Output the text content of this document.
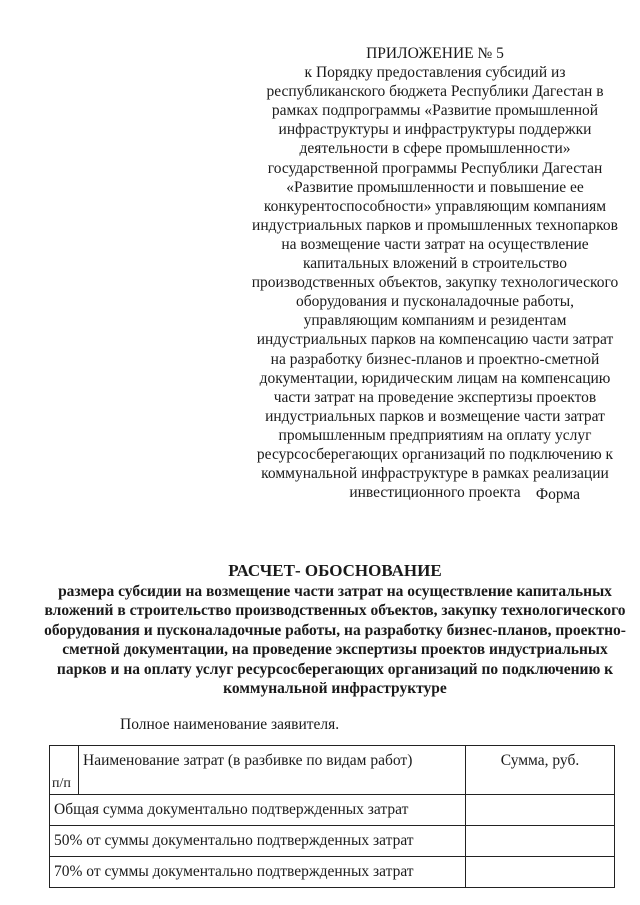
ПРИЛОЖЕНИЕ № 5
к Порядку предоставления субсидий из республиканского бюджета Республики Дагестан в рамках подпрограммы «Развитие промышленной инфраструктуры и инфраструктуры поддержки деятельности в сфере промышленности» государственной программы Республики Дагестан «Развитие промышленности и повышение ее конкурентоспособности» управляющим компаниям индустриальных парков и промышленных технопарков на возмещение части затрат на осуществление капитальных вложений в строительство производственных объектов, закупку технологического оборудования и пусконаладочные работы, управляющим компаниям и резидентам индустриальных парков на компенсацию части затрат на разработку бизнес-планов и проектно-сметной документации, юридическим лицам на компенсацию части затрат на проведение экспертизы проектов индустриальных парков и возмещение части затрат промышленным предприятиям на оплату услуг ресурсосберегающих организаций по подключению к коммунальной инфраструктуре в рамках реализации инвестиционного проекта Форма
РАСЧЕТ- ОБОСНОВАНИЕ
размера субсидии на возмещение части затрат на осуществление капитальных вложений в строительство производственных объектов, закупку технологического оборудования и пусконаладочные работы, на разработку бизнес-планов, проектно-сметной документации, на проведение экспертизы проектов индустриальных парков и на оплату услуг ресурсосберегающих организаций по подключению к коммунальной инфраструктуре
Полное наименование заявителя.
п/п	Наименование затрат (в разбивке по видам работ)	Сумма, руб.
Общая сумма документально подтвержденных затрат		
50% от суммы документально подтвержденных затрат		
70% от суммы документально подтвержденных затрат		
